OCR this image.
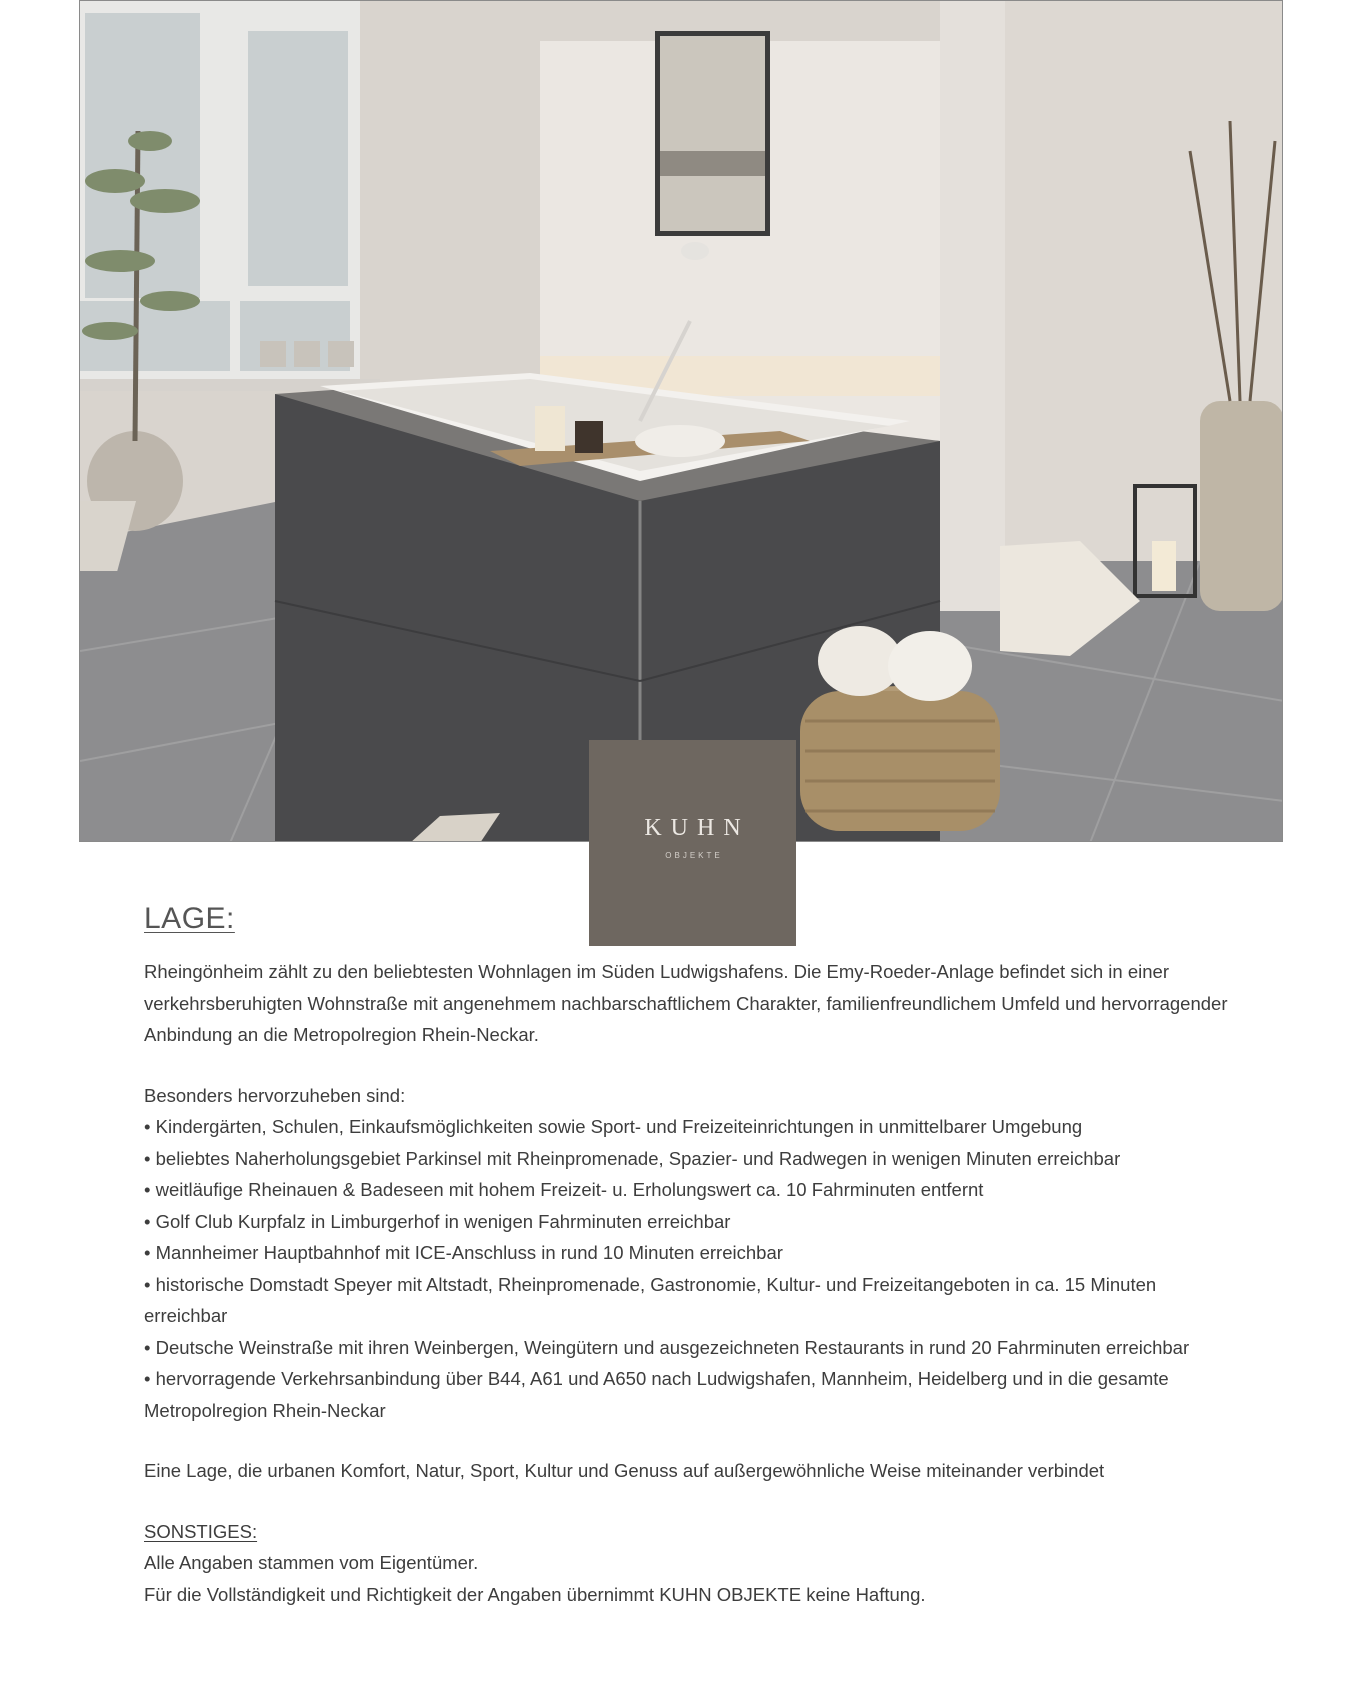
KUHN
OBJEKTE
LAGE:

Rheingönheim zählt zu den beliebtesten Wohnlagen im Süden Ludwigshafens. Die Emy-Roeder-Anlage befindet sich in einer verkehrsberuhigten Wohnstraße mit angenehmem nachbarschaftlichem Charakter, familienfreundlichem Umfeld und hervorragender Anbindung an die Metropolregion Rhein-Neckar.

Besonders hervorzuheben sind:

• Kindergärten, Schulen, Einkaufsmöglichkeiten sowie Sport- und Freizeiteinrichtungen in unmittelbarer Umgebung
• beliebtes Naherholungsgebiet Parkinsel mit Rheinpromenade, Spazier- und Radwegen in wenigen Minuten erreichbar
• weitläufige Rheinauen & Badeseen mit hohem Freizeit- u. Erholungswert ca. 10 Fahrminuten entfernt
• Golf Club Kurpfalz in Limburgerhof in wenigen Fahrminuten erreichbar
• Mannheimer Hauptbahnhof mit ICE-Anschluss in rund 10 Minuten erreichbar
• historische Domstadt Speyer mit Altstadt, Rheinpromenade, Gastronomie, Kultur- und Freizeitangeboten in ca. 15 Minuten erreichbar
• Deutsche Weinstraße mit ihren Weinbergen, Weingütern und ausgezeichneten Restaurants in rund 20 Fahrminuten erreichbar
• hervorragende Verkehrsanbindung über B44, A61 und A650 nach Ludwigshafen, Mannheim, Heidelberg und in die gesamte Metropolregion Rhein-Neckar

Eine Lage, die urbanen Komfort, Natur, Sport, Kultur und Genuss auf außergewöhnliche Weise miteinander verbindet

SONSTIGES:

Alle Angaben stammen vom Eigentümer.

Für die Vollständigkeit und Richtigkeit der Angaben übernimmt KUHN OBJEKTE keine Haftung.
